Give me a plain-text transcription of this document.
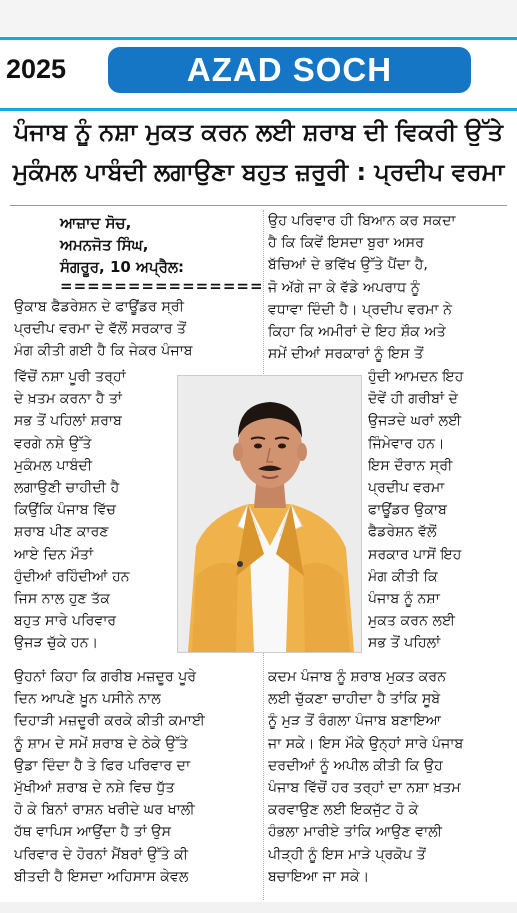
2025	AZAD SOCH
ਪੰਜਾਬ ਨੂੰ ਨਸ਼ਾ ਮੁਕਤ ਕਰਨ ਲਈ ਸ਼ਰਾਬ ਦੀ ਵਿਕਰੀ ਉੱਤੇ
ਮੁਕੰਮਲ ਪਾਬੰਦੀ ਲਗਾਉਣਾ ਬਹੁਤ ਜ਼ਰੂਰੀ : ਪ੍ਰਦੀਪ ਵਰਮਾ
ਆਜ਼ਾਦ ਸੋਚ,
ਅਮਨਜੋਤ ਸਿੰਘ,
ਸੰਗਰੂਰ, 10 ਅਪ੍ਰੈਲ:
===============
ਉਕਾਬ ਫੈਡਰੇਸ਼ਨ ਦੇ ਫਾਊਂਡਰ ਸ੍ਰੀ
ਪ੍ਰਦੀਪ ਵਰਮਾ ਦੇ ਵੱਲੋਂ ਸਰਕਾਰ ਤੋਂ
ਮੰਗ ਕੀਤੀ ਗਈ ਹੈ ਕਿ ਜੇਕਰ ਪੰਜਾਬ
ਵਿੱਚੋਂ ਨਸ਼ਾ ਪੂਰੀ ਤਰ੍ਹਾਂ
ਦੇ ਖ਼ਤਮ ਕਰਨਾ ਹੈ ਤਾਂ
ਸਭ ਤੋਂ ਪਹਿਲਾਂ ਸ਼ਰਾਬ
ਵਰਗੇ ਨਸ਼ੇ ਉੱਤੇ
ਮੁਕੰਮਲ ਪਾਬੰਦੀ
ਲਗਾਉਣੀ ਚਾਹੀਦੀ ਹੈ
ਕਿਉਂਕਿ ਪੰਜਾਬ ਵਿੱਚ
ਸ਼ਰਾਬ ਪੀਣ ਕਾਰਣ
ਆਏ ਦਿਨ ਮੌਤਾਂ
ਹੁੰਦੀਆਂ ਰਹਿੰਦੀਆਂ ਹਨ
ਜਿਸ ਨਾਲ ਹੁਣ ਤੱਕ
ਬਹੁਤ ਸਾਰੇ ਪਰਿਵਾਰ
ਉਜੜ ਚੁੱਕੇ ਹਨ।
ਉਹਨਾਂ ਕਿਹਾ ਕਿ ਗਰੀਬ ਮਜ਼ਦੂਰ ਪੂਰੇ
ਦਿਨ ਆਪਣੇ ਖ਼ੂਨ ਪਸੀਨੇ ਨਾਲ
ਦਿਹਾੜੀ ਮਜ਼ਦੂਰੀ ਕਰਕੇ ਕੀਤੀ ਕਮਾਈ
ਨੂੰ ਸ਼ਾਮ ਦੇ ਸਮੇਂ ਸ਼ਰਾਬ ਦੇ ਠੇਕੇ ਉੱਤੇ
ਉਡਾ ਦਿੰਦਾ ਹੈ ਤੇ ਫਿਰ ਪਰਿਵਾਰ ਦਾ
ਮੁੱਖੀਆਂ ਸ਼ਰਾਬ ਦੇ ਨਸ਼ੇ ਵਿਚ ਧੁੱਤ
ਹੋ ਕੇ ਬਿਨਾਂ ਰਾਸ਼ਨ ਖਰੀਦੇ ਘਰ ਖਾਲੀ
ਹੱਥ ਵਾਪਿਸ ਆਉਂਦਾ ਹੈ ਤਾਂ ਉਸ
ਪਰਿਵਾਰ ਦੇ ਹੋਰਨਾਂ ਮੈਂਬਰਾਂ ਉੱਤੇ ਕੀ
ਬੀਤਦੀ ਹੈ ਇਸਦਾ ਅਹਿਸਾਸ ਕੇਵਲ
ਉਹ ਪਰਿਵਾਰ ਹੀ ਬਿਆਨ ਕਰ ਸਕਦਾ
ਹੈ ਕਿ ਕਿਵੇਂ ਇਸਦਾ ਬੁਰਾ ਅਸਰ
ਬੱਚਿਆਂ ਦੇ ਭਵਿੱਖ ਉੱਤੇ ਪੈਂਦਾ ਹੈ,
ਜੋ ਅੱਗੇ ਜਾ ਕੇ ਵੱਡੇ ਅਪਰਾਧ ਨੂੰ
ਵਧਾਵਾ ਦਿੰਦੀ ਹੈ। ਪ੍ਰਦੀਪ ਵਰਮਾ ਨੇ
ਕਿਹਾ ਕਿ ਅਮੀਰਾਂ ਦੇ ਇਹ ਸ਼ੌਕ ਅਤੇ
ਸਮੇਂ ਦੀਆਂ ਸਰਕਾਰਾਂ ਨੂੰ ਇਸ ਤੋਂ
ਹੁੰਦੀ ਆਮਦਨ ਇਹ
ਦੋਵੇਂ ਹੀ ਗਰੀਬਾਂ ਦੇ
ਉਜੜਦੇ ਘਰਾਂ ਲਈ
ਜਿੰਮੇਵਾਰ ਹਨ।
ਇਸ ਦੌਰਾਨ ਸ੍ਰੀ
ਪ੍ਰਦੀਪ ਵਰਮਾ
ਫਾਊਂਡਰ ਉਕਾਬ
ਫੈਡਰੇਸ਼ਨ ਵੱਲੋਂ
ਸਰਕਾਰ ਪਾਸੋਂ ਇਹ
ਮੰਗ ਕੀਤੀ ਕਿ
ਪੰਜਾਬ ਨੂੰ ਨਸ਼ਾ
ਮੁਕਤ ਕਰਨ ਲਈ
ਸਭ ਤੋਂ ਪਹਿਲਾਂ
ਕਦਮ ਪੰਜਾਬ ਨੂੰ ਸ਼ਰਾਬ ਮੁਕਤ ਕਰਨ
ਲਈ ਚੁੱਕਣਾ ਚਾਹੀਦਾ ਹੈ ਤਾਂਕਿ ਸੂਬੇ
ਨੂੰ ਮੁੜ ਤੋਂ ਰੰਗਲਾ ਪੰਜਾਬ ਬਣਾਇਆ
ਜਾ ਸਕੇ। ਇਸ ਮੌਕੇ ਉਨ੍ਹਾਂ ਸਾਰੇ ਪੰਜਾਬ
ਦਰਦੀਆਂ ਨੂੰ ਅਪੀਲ ਕੀਤੀ ਕਿ ਉਹ
ਪੰਜਾਬ ਵਿੱਚੋਂ ਹਰ ਤਰ੍ਹਾਂ ਦਾ ਨਸ਼ਾ ਖ਼ਤਮ
ਕਰਵਾਉਣ ਲਈ ਇਕਜੁੱਟ ਹੋ ਕੇ
ਹੰਭਲਾ ਮਾਰੀਏ ਤਾਂਕਿ ਆਉਣ ਵਾਲੀ
ਪੀੜ੍ਹੀ ਨੂੰ ਇਸ ਮਾੜੇ ਪ੍ਰਕੋਪ ਤੋਂ
ਬਚਾਇਆ ਜਾ ਸਕੇ।
